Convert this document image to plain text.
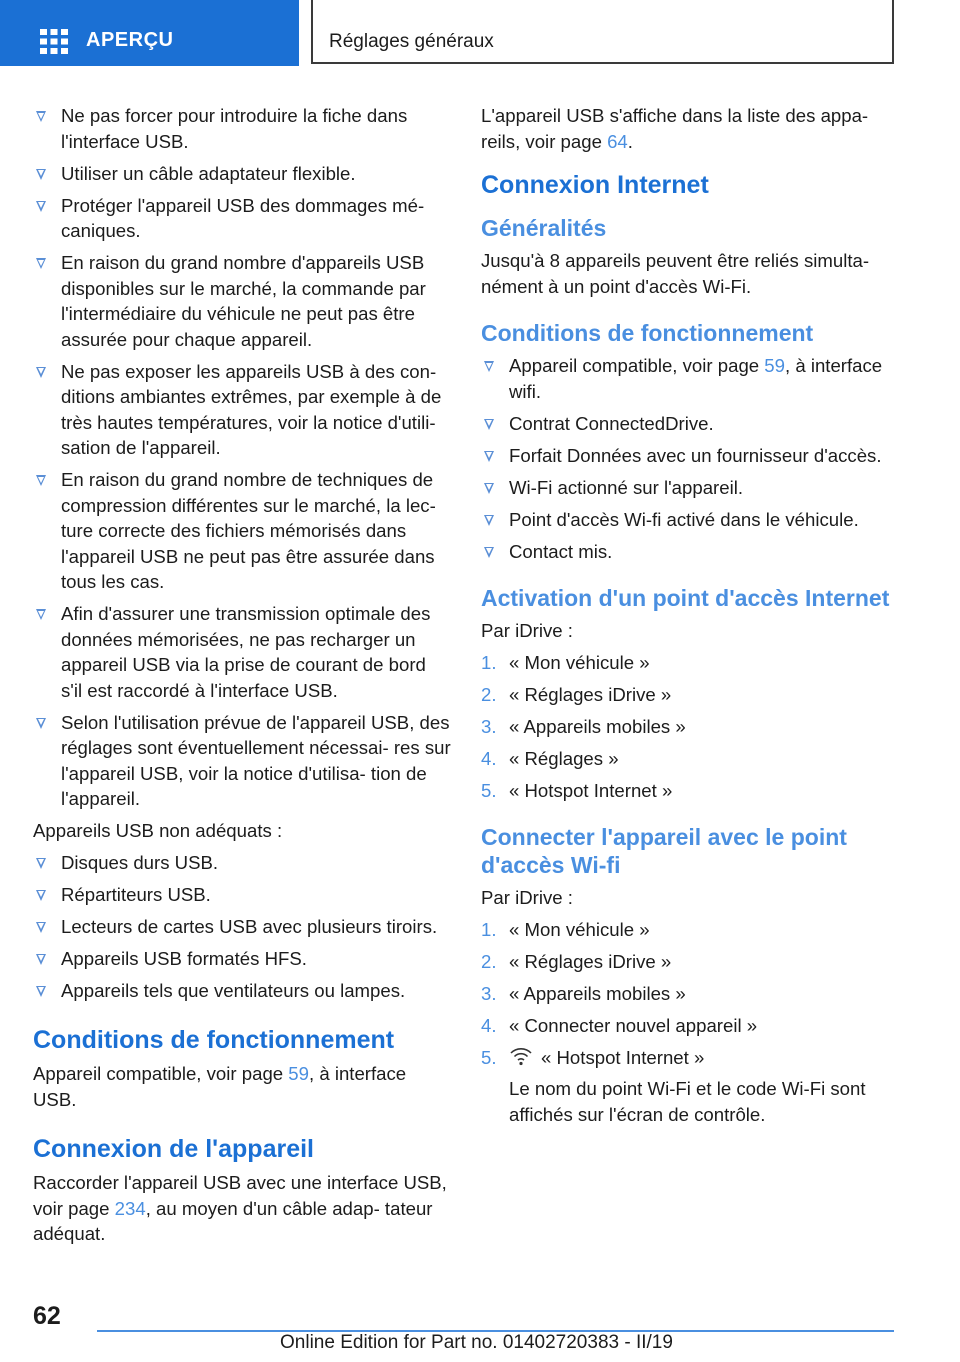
APERÇU	Réglages généraux
Ne pas forcer pour introduire la fiche dans l'interface USB.
Utiliser un câble adaptateur flexible.
Protéger l'appareil USB des dommages mé‐ caniques.
En raison du grand nombre d'appareils USB disponibles sur le marché, la commande par l'intermédiaire du véhicule ne peut pas être assurée pour chaque appareil.
Ne pas exposer les appareils USB à des con‐ ditions ambiantes extrêmes, par exemple à de très hautes températures, voir la notice d'utili‐ sation de l'appareil.
En raison du grand nombre de techniques de compression différentes sur le marché, la lec‐ ture correcte des fichiers mémorisés dans l'appareil USB ne peut pas être assurée dans tous les cas.
Afin d'assurer une transmission optimale des données mémorisées, ne pas recharger un appareil USB via la prise de courant de bord s'il est raccordé à l'interface USB.
Selon l'utilisation prévue de l'appareil USB, des réglages sont éventuellement nécessai‐ res sur l'appareil USB, voir la notice d'utilisa‐ tion de l'appareil.

Appareils USB non adéquats :

Disques durs USB.
Répartiteurs USB.
Lecteurs de cartes USB avec plusieurs tiroirs.
Appareils USB formatés HFS.
Appareils tels que ventilateurs ou lampes.
Conditions de fonctionnement

Appareil compatible, voir page 59, à interface USB.

Connexion de l'appareil

Raccorder l'appareil USB avec une interface USB, voir page 234, au moyen d'un câble adap‐ tateur adéquat.

L'appareil USB s'affiche dans la liste des appa‐ reils, voir page 64.

Connexion Internet
Généralités

Jusqu'à 8 appareils peuvent être reliés simulta‐ nément à un point d'accès Wi-Fi.

Conditions de fonctionnement
Appareil compatible, voir page 59, à interface wifi.
Contrat ConnectedDrive.
Forfait Données avec un fournisseur d'accès.
Wi-Fi actionné sur l'appareil.
Point d'accès Wi-fi activé dans le véhicule.
Contact mis.
Activation d'un point d'accès Internet

Par iDrive :

1. « Mon véhicule »
2. « Réglages iDrive »
3. « Appareils mobiles »
4. « Réglages »
5. « Hotspot Internet »
Connecter l'appareil avec le point d'accès Wi-fi

Par iDrive :

1. « Mon véhicule »
2. « Réglages iDrive »
3. « Appareils mobiles »
4. « Connecter nouvel appareil »
5. « Hotspot Internet »
Le nom du point Wi-Fi et le code Wi-Fi sont affichés sur l'écran de contrôle.
62
Online Edition for Part no. 01402720383 - II/19
